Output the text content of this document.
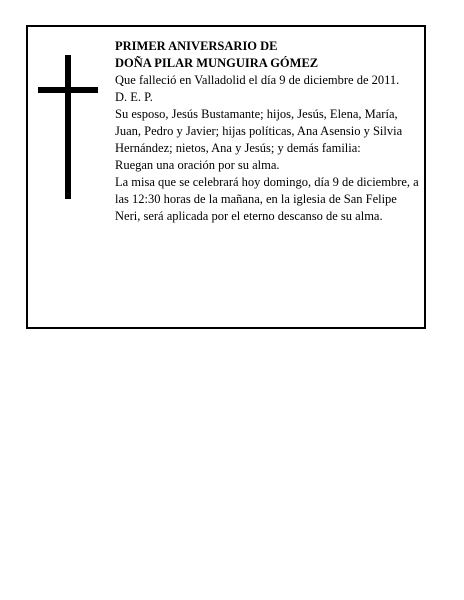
PRIMER ANIVERSARIO DE

DOÑA PILAR MUNGUIRA GÓMEZ

Que falleció en Valladolid el día 9 de diciembre de 2011.

D. E. P.

Su esposo, Jesús Bustamante; hijos, Jesús, Elena, María, Juan, Pedro y Javier; hijas políticas, Ana Asensio y Silvia Hernández; nietos, Ana y Jesús; y demás familia:

Ruegan una oración por su alma.

La misa que se celebrará hoy domingo, día 9 de diciembre, a las 12:30 horas de la mañana, en la iglesia de San Felipe Neri, será aplicada por el eterno descanso de su alma.
